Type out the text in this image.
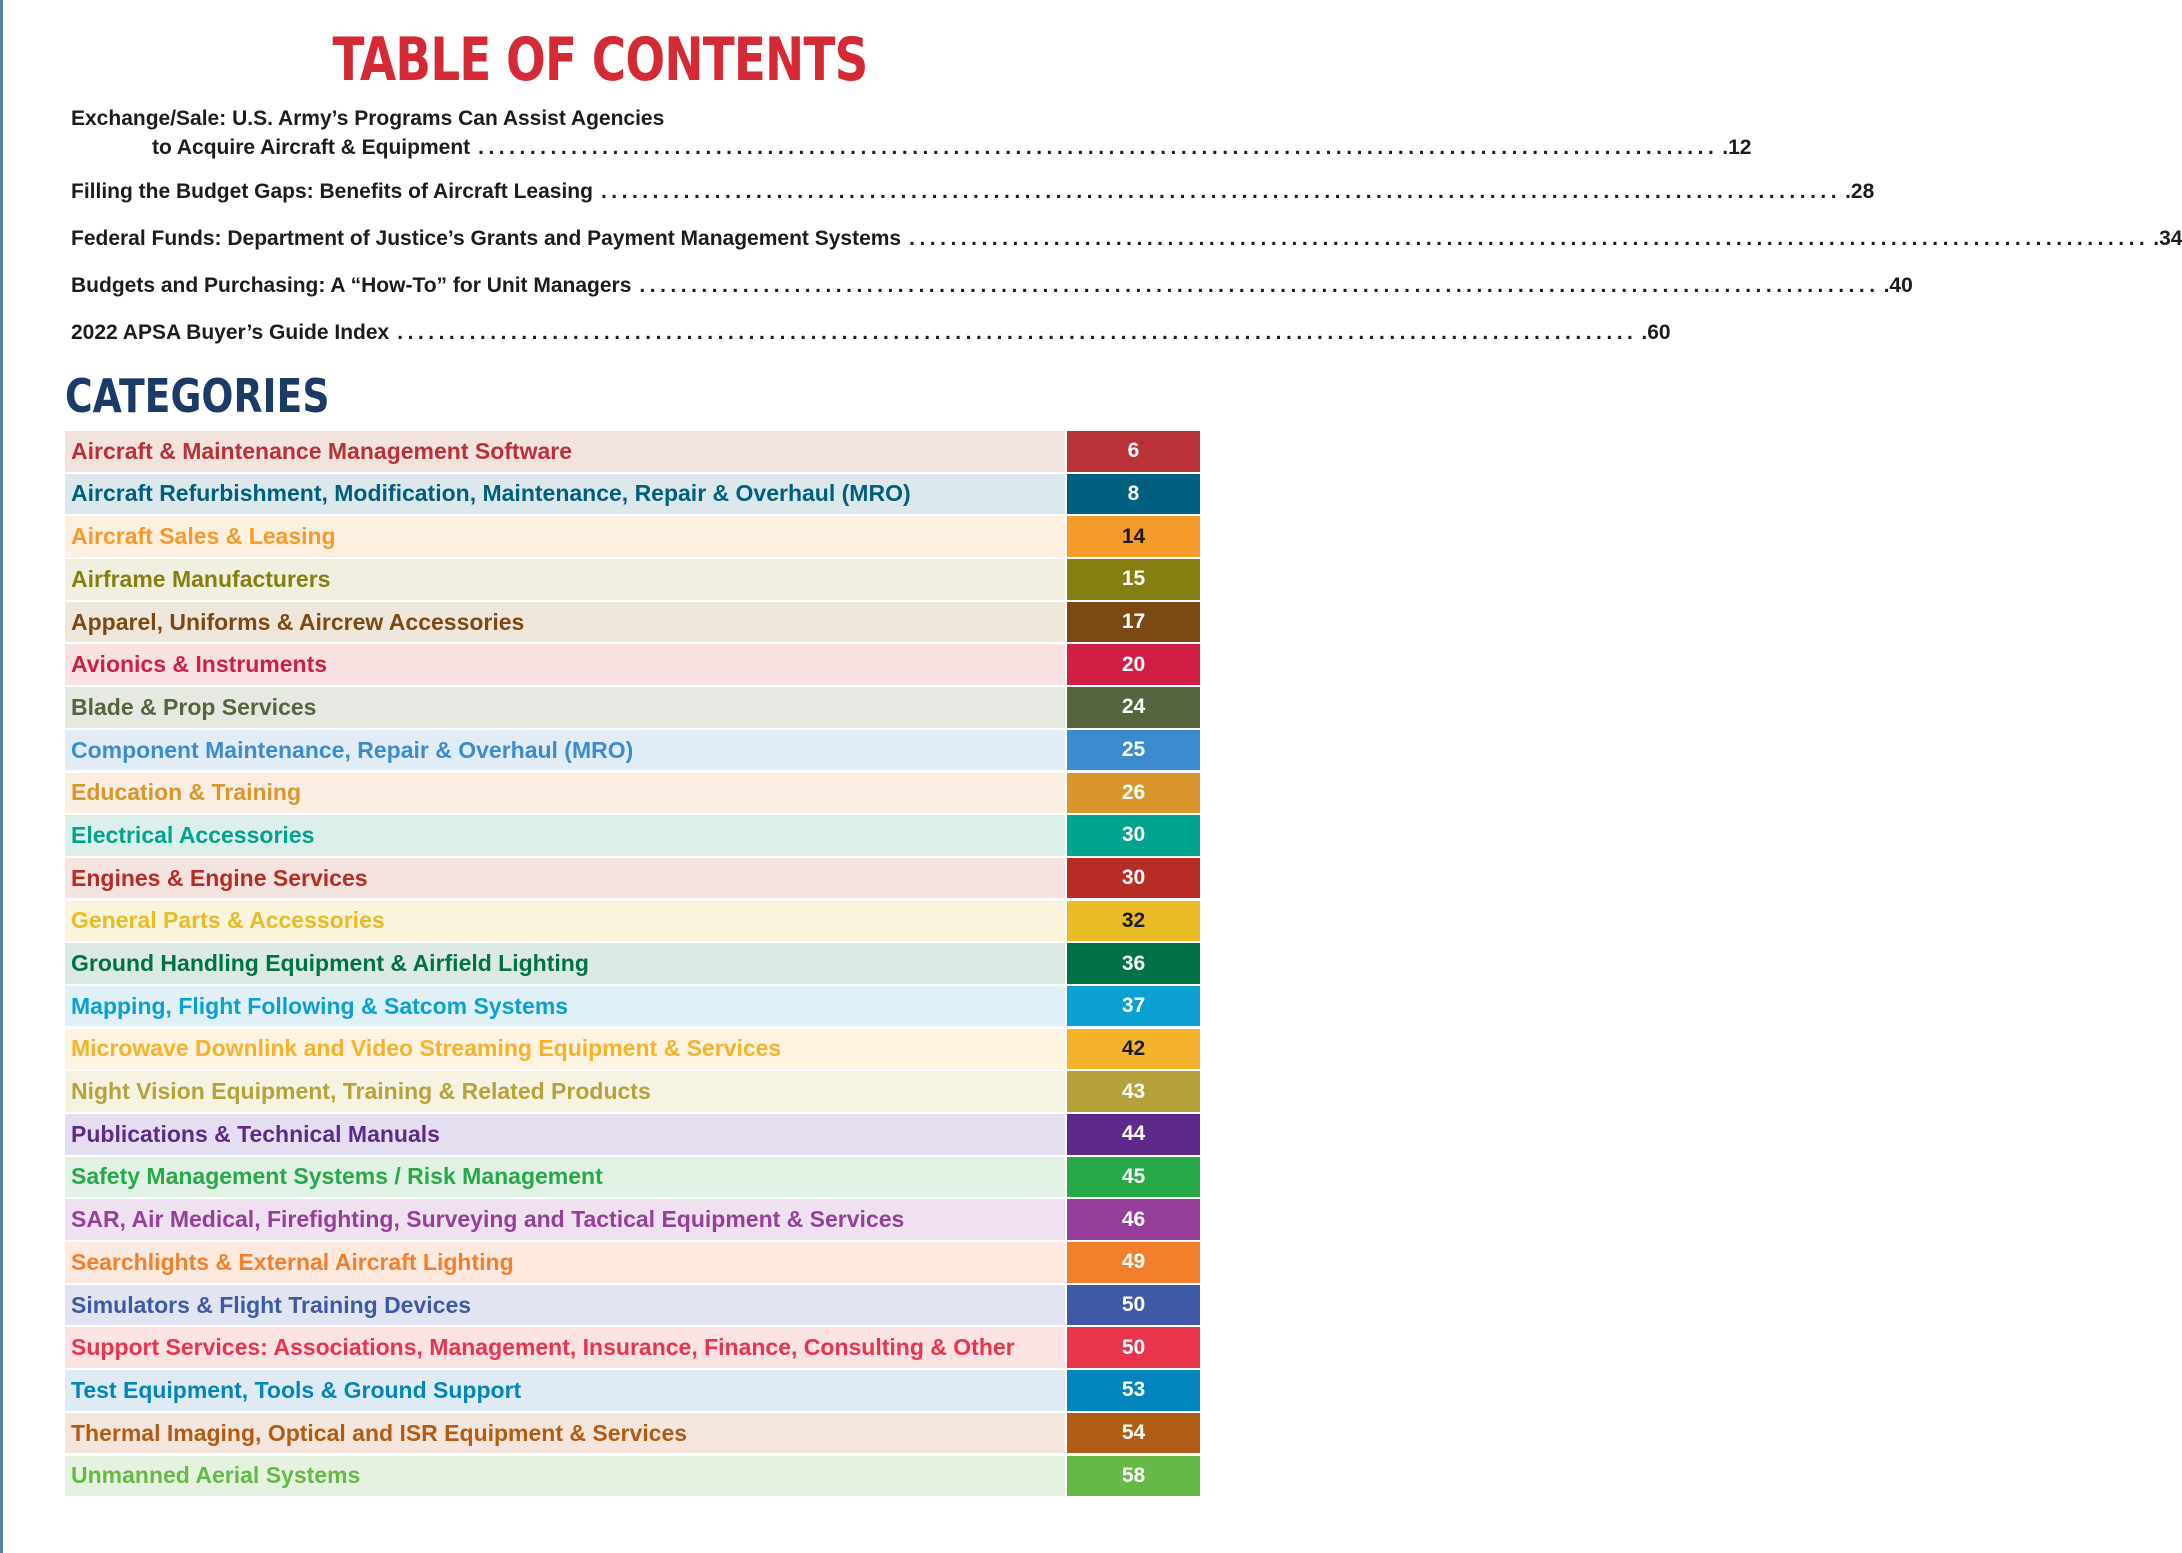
TABLE OF CONTENTS
Exchange/Sale: U.S. Army’s Programs Can Assist Agencies
to Acquire Aircraft & Equipment ........................................................................................................................ .12
Filling the Budget Gaps: Benefits of Aircraft Leasing ........................................................................................................................ .28
Federal Funds: Department of Justice’s Grants and Payment Management Systems ........................................................................................................................ .34
Budgets and Purchasing: A “How-To” for Unit Managers ........................................................................................................................ .40
2022 APSA Buyer’s Guide Index ........................................................................................................................ .60
CATEGORIES
Aircraft & Maintenance Management Software	6
Aircraft Refurbishment, Modification, Maintenance, Repair & Overhaul (MRO)	8
Aircraft Sales & Leasing	14
Airframe Manufacturers	15
Apparel, Uniforms & Aircrew Accessories	17
Avionics & Instruments	20
Blade & Prop Services	24
Component Maintenance, Repair & Overhaul (MRO)	25
Education & Training	26
Electrical Accessories	30
Engines & Engine Services	30
General Parts & Accessories	32
Ground Handling Equipment & Airfield Lighting	36
Mapping, Flight Following & Satcom Systems	37
Microwave Downlink and Video Streaming Equipment & Services	42
Night Vision Equipment, Training & Related Products	43
Publications & Technical Manuals	44
Safety Management Systems / Risk Management	45
SAR, Air Medical, Firefighting, Surveying and Tactical Equipment & Services	46
Searchlights & External Aircraft Lighting	49
Simulators & Flight Training Devices	50
Support Services: Associations, Management, Insurance, Finance, Consulting & Other	50
Test Equipment, Tools & Ground Support	53
Thermal Imaging, Optical and ISR Equipment & Services	54
Unmanned Aerial Systems	58
